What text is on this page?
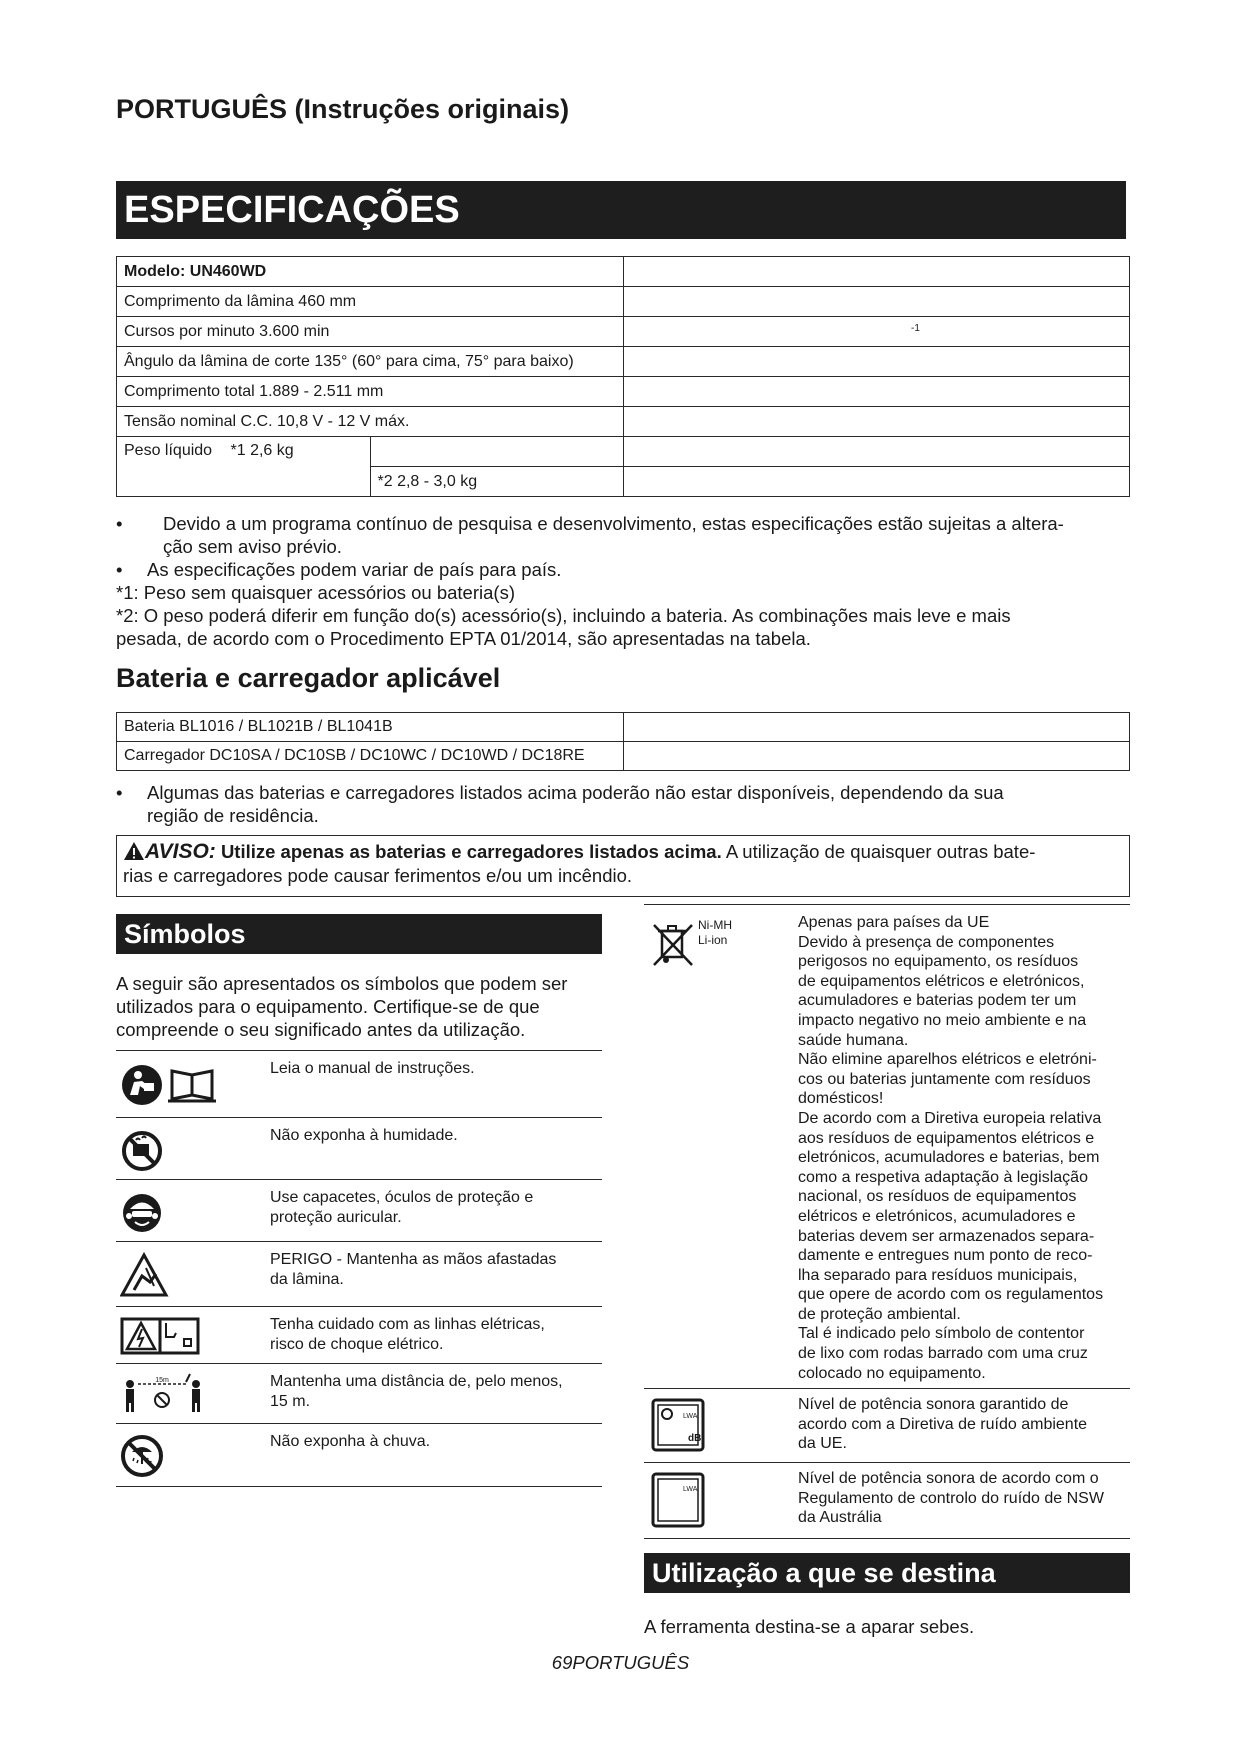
PORTUGUÊS (Instruções originais)
ESPECIFICAÇÕES
Modelo: UN460WD		
Comprimento da lâmina 460 mm		
Cursos por minuto 3.600 min		$^{-1}$
Ângulo da lâmina de corte 135° (60° para cima, 75° para baixo)		
Comprimento total 1.889 - 2.511 mm		
Tensão nominal C.C. 10,8 V - 12 V máx.		
Peso líquido *1 2,6 kg		
	*2 2,8 - 3,0 kg	
• Devido a um programa contínuo de pesquisa e desenvolvimento, estas especificações estão sujeitas a altera-
ção sem aviso prévio.
• As especificações podem variar de país para país.
*1: Peso sem quaisquer acessórios ou bateria(s)
*2: O peso poderá diferir em função do(s) acessório(s), incluindo a bateria. As combinações mais leve e mais
pesada, de acordo com o Procedimento EPTA 01/2014, são apresentadas na tabela.
Bateria e carregador aplicável
Bateria BL1016 / BL1021B / BL1041B	
Carregador DC10SA / DC10SB / DC10WC / DC10WD / DC18RE	
• Algumas das baterias e carregadores listados acima poderão não estar disponíveis, dependendo da sua
região de residência.
AVISO: Utilize apenas as baterias e carregadores listados acima. A utilização de quaisquer outras bate-
rias e carregadores pode causar ferimentos e/ou um incêndio.
Símbolos
A seguir são apresentados os símbolos que podem ser
utilizados para o equipamento. Certifique-se de que
compreende o seu significado antes da utilização.
Leia o manual de instruções.
Não exponha à humidade.
Use capacetes, óculos de proteção e
proteção auricular.
PERIGO - Mantenha as mãos afastadas
da lâmina.
Tenha cuidado com as linhas elétricas,
risco de choque elétrico.
15m	Mantenha uma distância de, pelo menos,
15 m.
Não exponha à chuva.
Ni-MH
Li-ion
Apenas para países da UE
Devido à presença de componentes
perigosos no equipamento, os resíduos
de equipamentos elétricos e eletrónicos,
acumuladores e baterias podem ter um
impacto negativo no meio ambiente e na
saúde humana.
Não elimine aparelhos elétricos e eletróni-
cos ou baterias juntamente com resíduos
domésticos!
De acordo com a Diretiva europeia relativa
aos resíduos de equipamentos elétricos e
eletrónicos, acumuladores e baterias, bem
como a respetiva adaptação à legislação
nacional, os resíduos de equipamentos
elétricos e eletrónicos, acumuladores e
baterias devem ser armazenados separa-
damente e entregues num ponto de reco-
lha separado para resíduos municipais,
que opere de acordo com os regulamentos
de proteção ambiental.
Tal é indicado pelo símbolo de contentor
de lixo com rodas barrado com uma cruz
colocado no equipamento.
LWA
dB
Nível de potência sonora garantido de
acordo com a Diretiva de ruído ambiente
da UE.
LWA
Nível de potência sonora de acordo com o
Regulamento de controlo do ruído de NSW
da Austrália
Utilização a que se destina
A ferramenta destina-se a aparar sebes.
69PORTUGUÊS
